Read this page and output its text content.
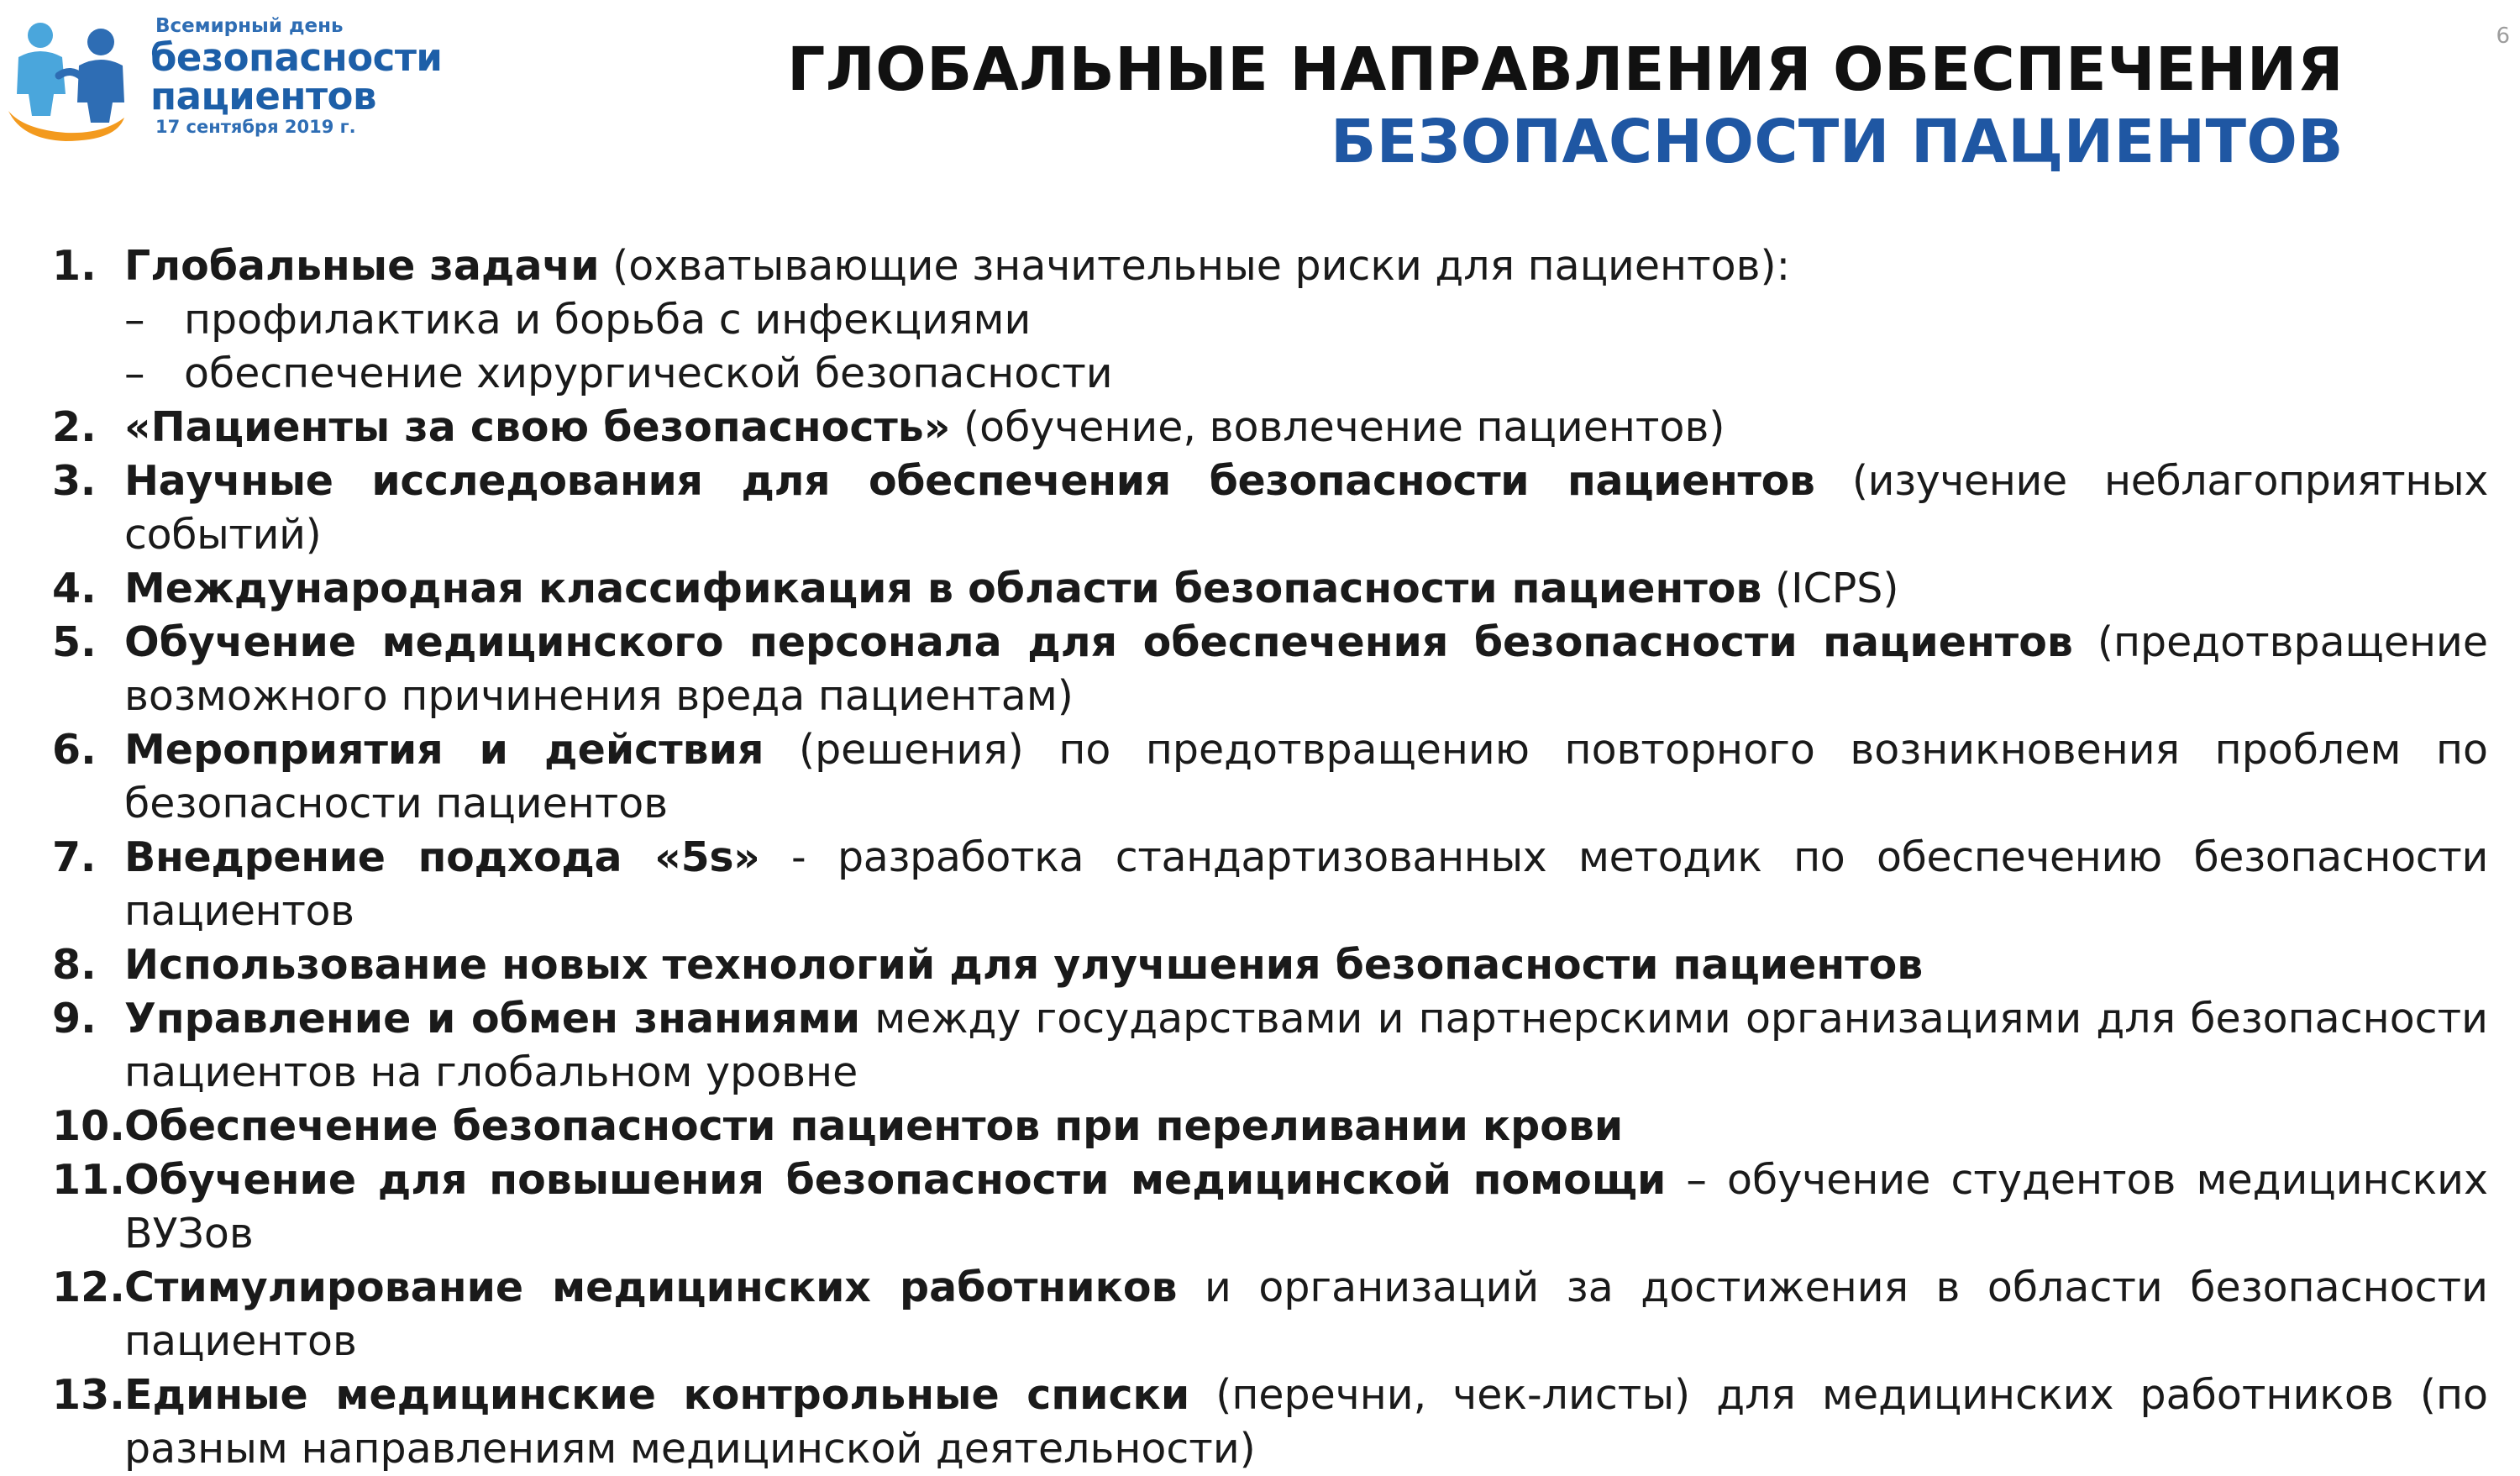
Всемирный день
безопасности
пациентов
17 сентября 2019 г.
ГЛОБАЛЬНЫЕ НАПРАВЛЕНИЯ ОБЕСПЕЧЕНИЯ
БЕЗОПАСНОСТИ ПАЦИЕНТОВ
6
1. Глобальные задачи (охватывающие значительные риски для пациентов):
– профилактика и борьба с инфекциями
– обеспечение хирургической безопасности
2. «Пациенты за свою безопасность» (обучение, вовлечение пациентов)
3. Научные исследования для обеспечения безопасности пациентов (изучение неблагоприятных событий)
4. Международная классификация в области безопасности пациентов (ICPS)
5. Обучение медицинского персонала для обеспечения безопасности пациентов (предотвращение возможного причинения вреда пациентам)
6. Мероприятия и действия (решения) по предотвращению повторного возникновения проблем по безопасности пациентов
7. Внедрение подхода «5s» - разработка стандартизованных методик по обеспечению безопасности пациентов
8. Использование новых технологий для улучшения безопасности пациентов
9. Управление и обмен знаниями между государствами и партнерскими организациями для безопасности пациентов на глобальном уровне
10. Обеспечение безопасности пациентов при переливании крови
11. Обучение для повышения безопасности медицинской помощи – обучение студентов медицинских ВУЗов
12. Стимулирование медицинских работников и организаций за достижения в области безопасности пациентов
13. Единые медицинские контрольные списки (перечни, чек-листы) для медицинских работников (по разным направлениям медицинской деятельности)
